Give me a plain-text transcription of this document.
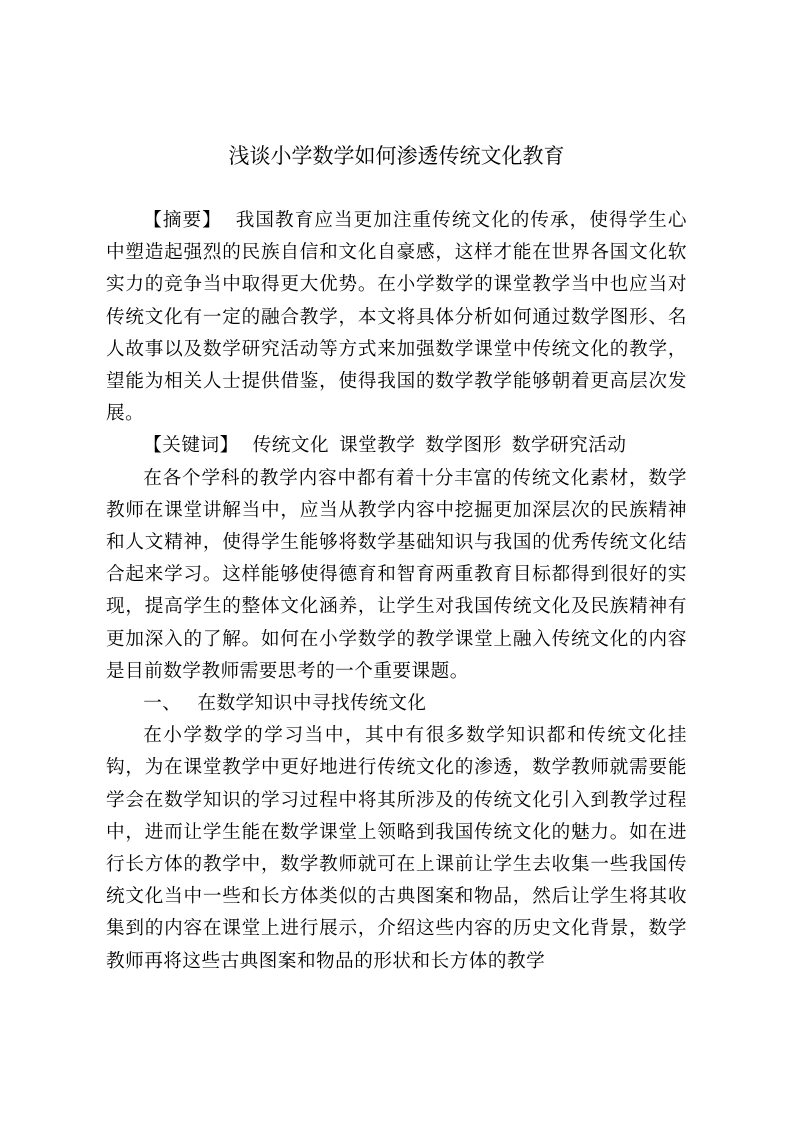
浅谈小学数学如何渗透传统文化教育

【摘要】 我国教育应当更加注重传统文化的传承，使得学生心中塑造起强烈的民族自信和文化自豪感，这样才能在世界各国文化软实力的竞争当中取得更大优势。在小学数学的课堂教学当中也应当对传统文化有一定的融合教学，本文将具体分析如何通过数学图形、名人故事以及数学研究活动等方式来加强数学课堂中传统文化的教学，望能为相关人士提供借鉴，使得我国的数学教学能够朝着更高层次发展。

【关键词】 传统文化 课堂教学 数学图形 数学研究活动

在各个学科的教学内容中都有着十分丰富的传统文化素材，数学教师在课堂讲解当中，应当从教学内容中挖掘更加深层次的民族精神和人文精神，使得学生能够将数学基础知识与我国的优秀传统文化结合起来学习。这样能够使得德育和智育两重教育目标都得到很好的实现，提高学生的整体文化涵养，让学生对我国传统文化及民族精神有更加深入的了解。如何在小学数学的教学课堂上融入传统文化的内容是目前数学教师需要思考的一个重要课题。

一、 在数学知识中寻找传统文化

在小学数学的学习当中，其中有很多数学知识都和传统文化挂钩，为在课堂教学中更好地进行传统文化的渗透，数学教师就需要能学会在数学知识的学习过程中将其所涉及的传统文化引入到教学过程中，进而让学生能在数学课堂上领略到我国传统文化的魅力。如在进行长方体的教学中，数学教师就可在上课前让学生去收集一些我国传统文化当中一些和长方体类似的古典图案和物品，然后让学生将其收集到的内容在课堂上进行展示，介绍这些内容的历史文化背景，数学教师再将这些古典图案和物品的形状和长方体的教学
